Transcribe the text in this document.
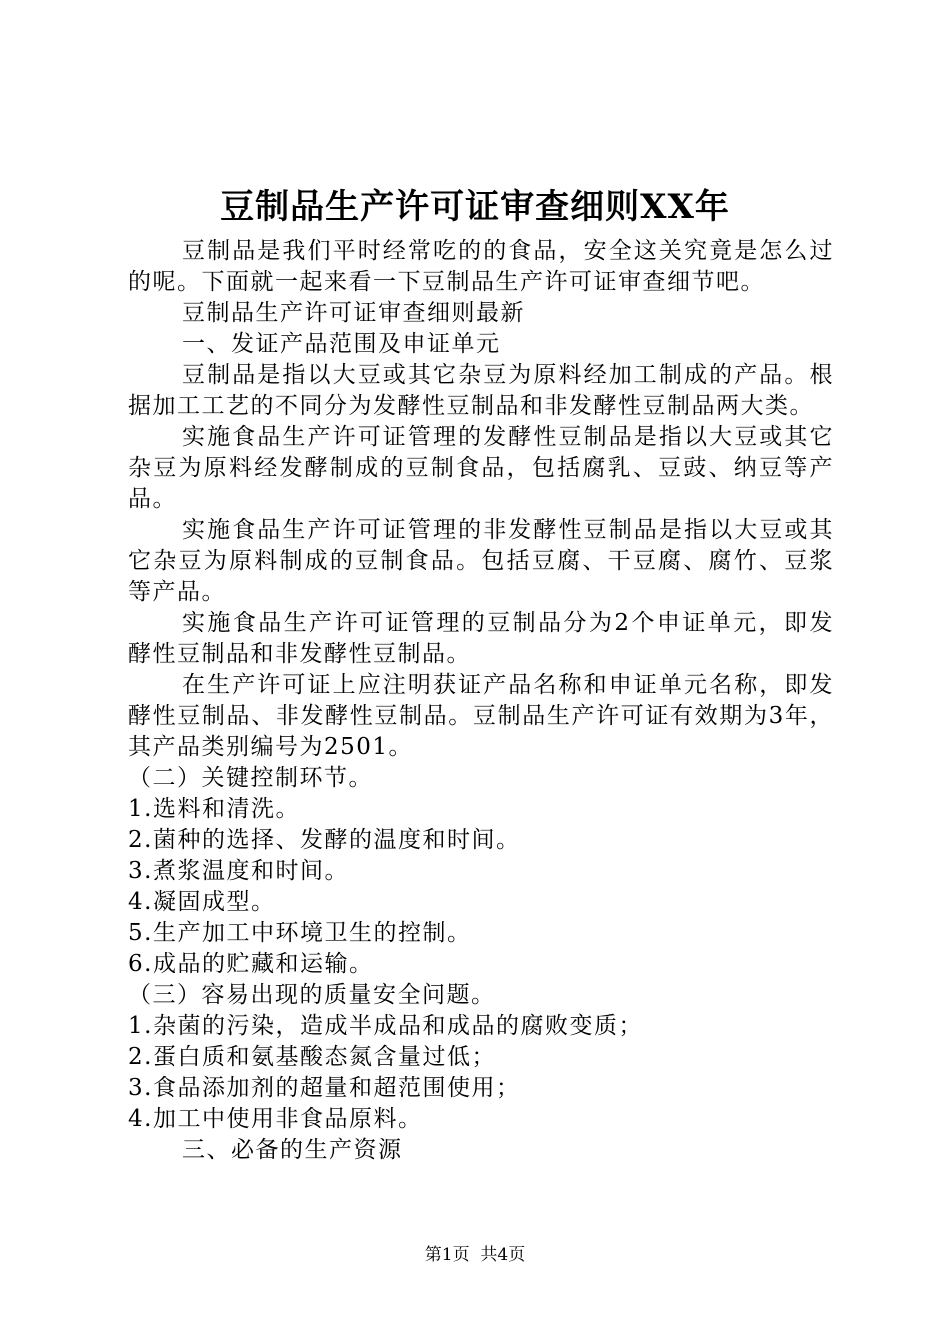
豆制品生产许可证审查细则XX年

豆制品是我们平时经常吃的的食品，安全这关究竟是怎么过的呢。下面就一起来看一下豆制品生产许可证审查细节吧。

豆制品生产许可证审查细则最新

一、发证产品范围及申证单元

豆制品是指以大豆或其它杂豆为原料经加工制成的产品。根据加工工艺的不同分为发酵性豆制品和非发酵性豆制品两大类。

实施食品生产许可证管理的发酵性豆制品是指以大豆或其它杂豆为原料经发酵制成的豆制食品，包括腐乳、豆豉、纳豆等产品。

实施食品生产许可证管理的非发酵性豆制品是指以大豆或其它杂豆为原料制成的豆制食品。包括豆腐、干豆腐、腐竹、豆浆等产品。

实施食品生产许可证管理的豆制品分为2个申证单元，即发酵性豆制品和非发酵性豆制品。

在生产许可证上应注明获证产品名称和申证单元名称，即发酵性豆制品、非发酵性豆制品。豆制品生产许可证有效期为3年，其产品类别编号为2501。

（二）关键控制环节。

1.选料和清洗。

2.菌种的选择、发酵的温度和时间。

3.煮浆温度和时间。

4.凝固成型。

5.生产加工中环境卫生的控制。

6.成品的贮藏和运输。

（三）容易出现的质量安全问题。

1.杂菌的污染，造成半成品和成品的腐败变质；

2.蛋白质和氨基酸态氮含量过低；

3.食品添加剂的超量和超范围使用；

4.加工中使用非食品原料。

三、必备的生产资源

第1页  共4页
